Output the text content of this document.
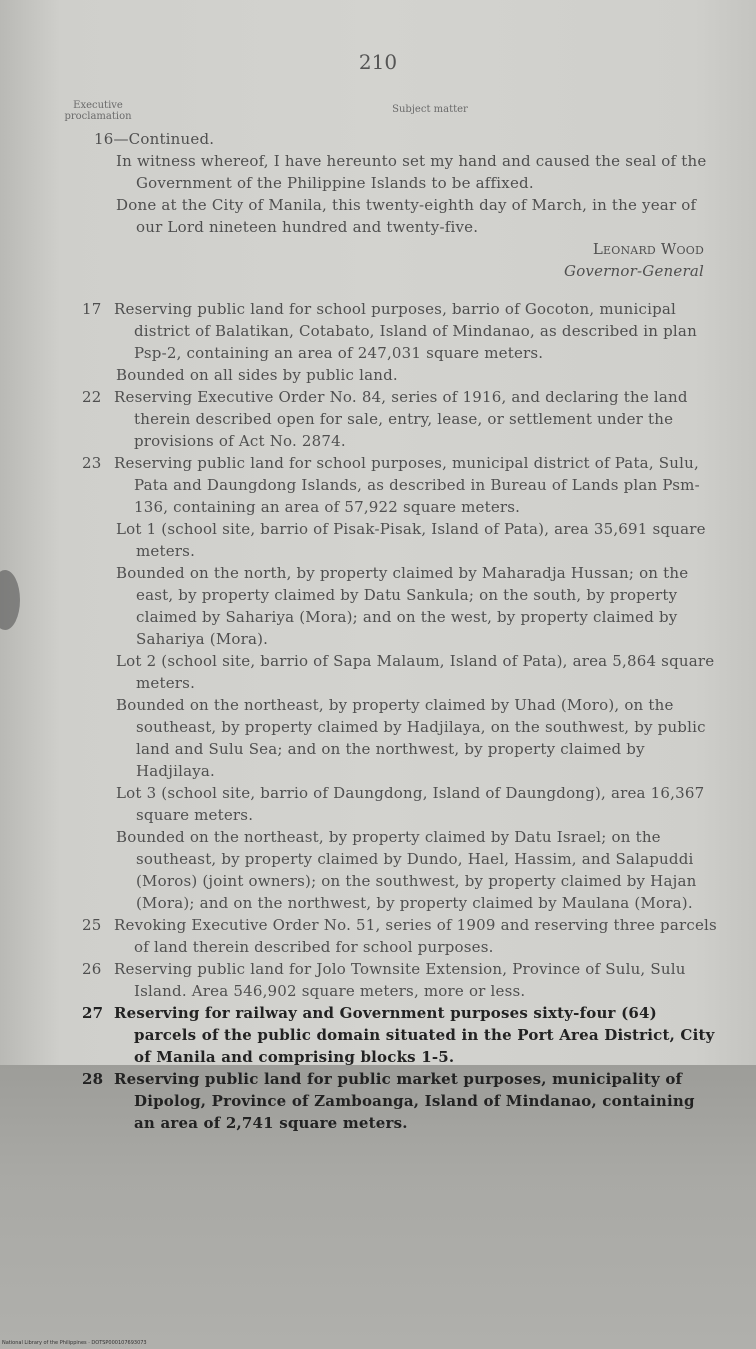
210
Executive proclamation
Subject matter
16—Continued.
In witness whereof, I have hereunto set my hand and caused the seal of the Government of the Philippine Islands to be affixed.
Done at the City of Manila, this twenty-eighth day of March, in the year of our Lord nineteen hundred and twenty-five.
Leonard Wood
Governor-General
17 Reserving public land for school purposes, barrio of Gocoton, municipal district of Balatikan, Cotabato, Island of Mindanao, as described in plan Psp-2, containing an area of 247,031 square meters.
Bounded on all sides by public land.
22 Reserving Executive Order No. 84, series of 1916, and declaring the land therein described open for sale, entry, lease, or settlement under the provisions of Act No. 2874.
23 Reserving public land for school purposes, municipal district of Pata, Sulu, Pata and Daungdong Islands, as described in Bureau of Lands plan Psm-136, containing an area of 57,922 square meters.
Lot 1 (school site, barrio of Pisak-Pisak, Island of Pata), area 35,691 square meters.
Bounded on the north, by property claimed by Maharadja Hussan; on the east, by property claimed by Datu Sankula; on the south, by property claimed by Sahariya (Mora); and on the west, by property claimed by Sahariya (Mora).
Lot 2 (school site, barrio of Sapa Malaum, Island of Pata), area 5,864 square meters.
Bounded on the northeast, by property claimed by Uhad (Moro), on the southeast, by property claimed by Hadjilaya, on the southwest, by public land and Sulu Sea; and on the northwest, by property claimed by Hadjilaya.
Lot 3 (school site, barrio of Daungdong, Island of Daungdong), area 16,367 square meters.
Bounded on the northeast, by property claimed by Datu Israel; on the southeast, by property claimed by Dundo, Hael, Hassim, and Salapuddi (Moros) (joint owners); on the southwest, by property claimed by Hajan (Mora); and on the northwest, by property claimed by Maulana (Mora).
25 Revoking Executive Order No. 51, series of 1909 and reserving three parcels of land therein described for school purposes.
26 Reserving public land for Jolo Townsite Extension, Province of Sulu, Sulu Island. Area 546,902 square meters, more or less.
27 Reserving for railway and Government purposes sixty-four (64) parcels of the public domain situated in the Port Area District, City of Manila and comprising blocks 1-5.
28 Reserving public land for public market purposes, municipality of Dipolog, Province of Zamboanga, Island of Mindanao, containing an area of 2,741 square meters.
National Library of the Philippines · DOTSP000107693073
